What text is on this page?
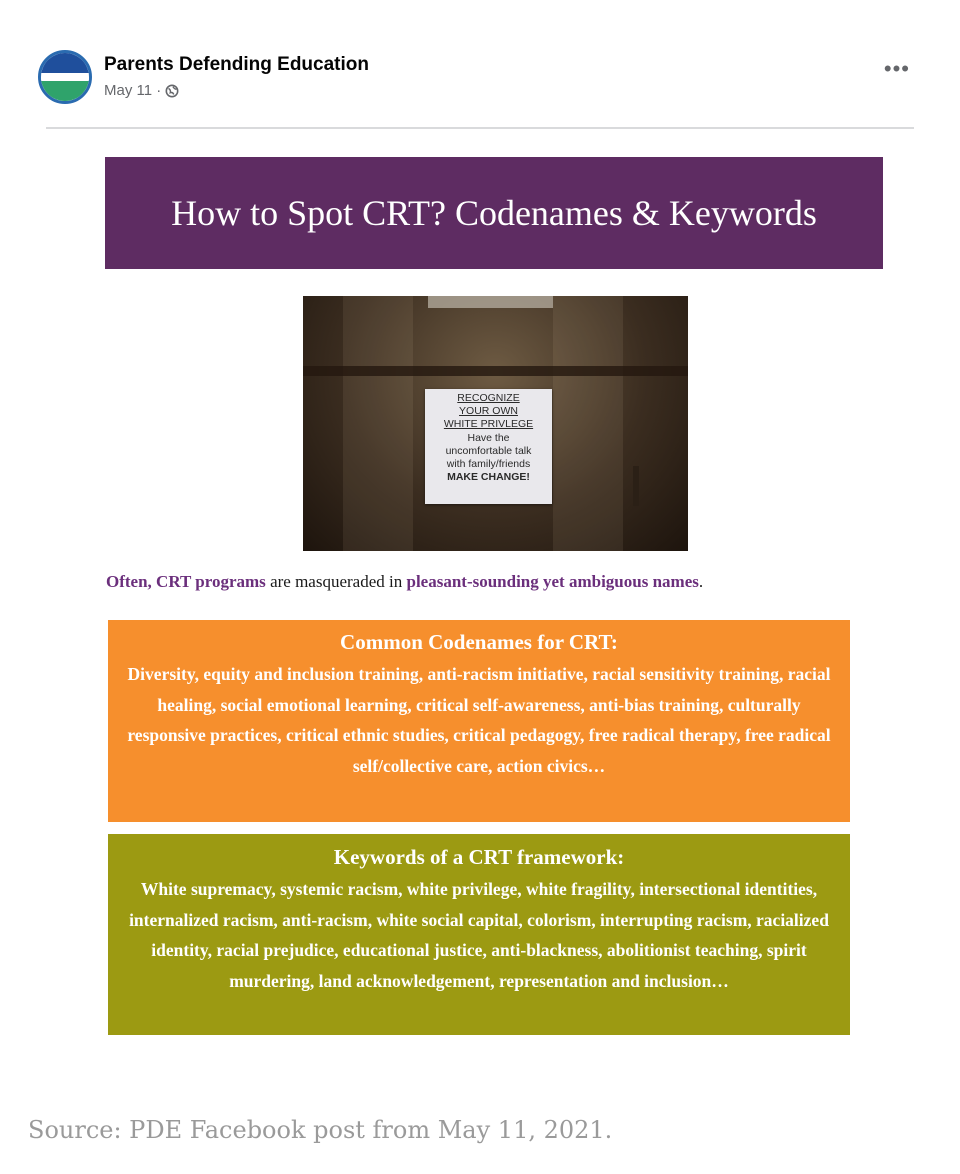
Parents Defending Education
May 11 ·
•••
How to Spot CRT? Codenames & Keywords
RECOGNIZE
YOUR OWN
WHITE PRIVLEGE
Have the
uncomfortable talk
with family/friends
MAKE CHANGE!
Often, CRT programs are masqueraded in pleasant-sounding yet ambiguous names.
Common Codenames for CRT:

Diversity, equity and inclusion training, anti-racism initiative, racial sensitivity training, racial healing, social emotional learning, critical self-awareness, anti-bias training, culturally responsive practices, critical ethnic studies, critical pedagogy, free radical therapy, free radical self/collective care, action civics…

Keywords of a CRT framework:

White supremacy, systemic racism, white privilege, white fragility, intersectional identities, internalized racism, anti-racism, white social capital, colorism, interrupting racism, racialized identity, racial prejudice, educational justice, anti-blackness, abolitionist teaching, spirit murdering, land acknowledgement, representation and inclusion…

Source: PDE Facebook post from May 11, 2021.
